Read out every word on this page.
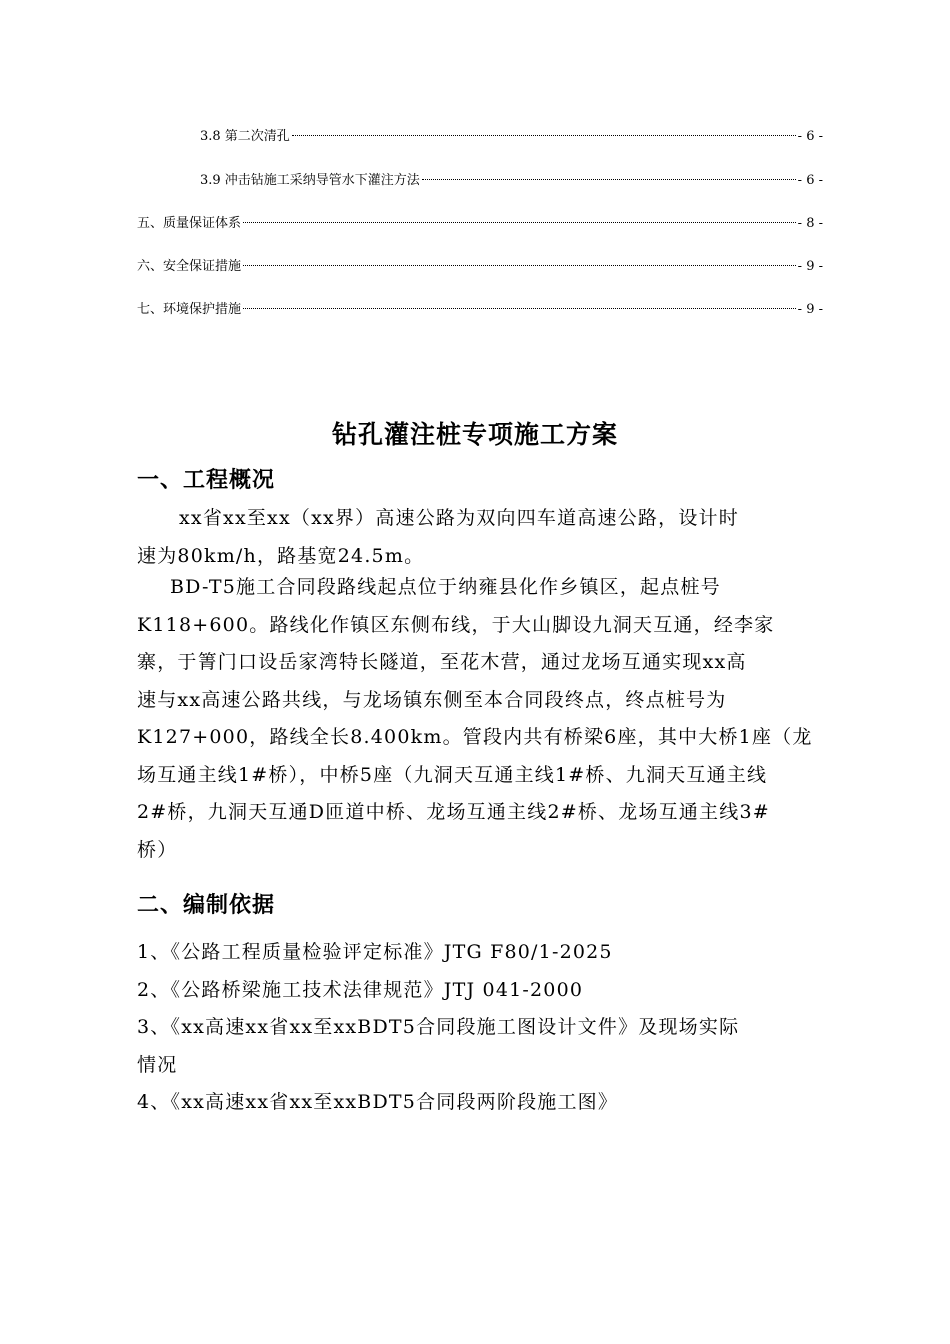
3.8 第二次清孔	- 6 -
3.9 冲击钻施工采纳导管水下灌注方法	- 6 -
五、质量保证体系	- 8 -
六、安全保证措施	- 9 -
七、环境保护措施	- 9 -
钻孔灌注桩专项施工方案
一、工程概况
xx省xx至xx（xx界）高速公路为双向四车道高速公路，设计时
速为80km/h，路基宽24.5m。
BD-T5施工合同段路线起点位于纳雍县化作乡镇区，起点桩号
K118+600。路线化作镇区东侧布线，于大山脚设九洞天互通，经李家
寨，于箐门口设岳家湾特长隧道，至花木营，通过龙场互通实现xx高
速与xx高速公路共线，与龙场镇东侧至本合同段终点，终点桩号为
K127+000，路线全长8.400km。管段内共有桥梁6座，其中大桥1座（龙
场互通主线1#桥），中桥5座（九洞天互通主线1#桥、九洞天互通主线
2#桥，九洞天互通D匝道中桥、龙场互通主线2#桥、龙场互通主线3#
桥）
二、编制依据
1、《公路工程质量检验评定标准》JTG F80/1-2025
2、《公路桥梁施工技术法律规范》JTJ 041-2000
3、《xx高速xx省xx至xxBDT5合同段施工图设计文件》及现场实际
情况
4、《xx高速xx省xx至xxBDT5合同段两阶段施工图》
